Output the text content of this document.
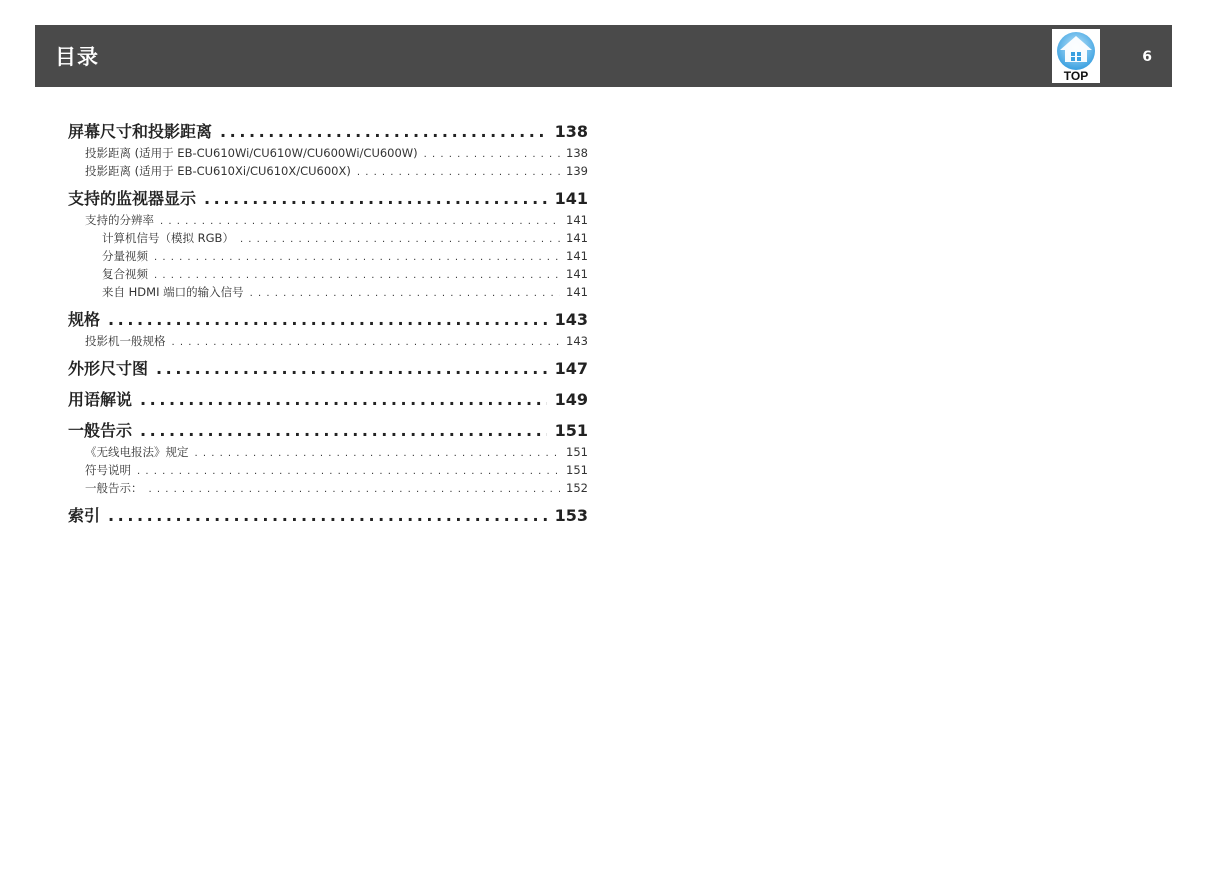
目录
TOP
6
屏幕尺寸和投影距离 . . .	138
投影距离 (适用于 EB-CU610Wi/CU610W/CU600Wi/CU600W) . . .	138
投影距离 (适用于 EB-CU610Xi/CU610X/CU600X) . . .	139
支持的监视器显示 . . .	141
支持的分辨率 . . .	141
计算机信号（模拟 RGB） . . .	141
分量视频 . . .	141
复合视频 . . .	141
来自 HDMI 端口的输入信号 . . .	141
规格 . . .	143
投影机一般规格 . . .	143
外形尺寸图 . . .	147
用语解说 . . .	149
一般告示 . . .	151
《无线电报法》规定 . . .	151
符号说明 . . .	151
一般告示： . . .	152
索引 . . .	153
